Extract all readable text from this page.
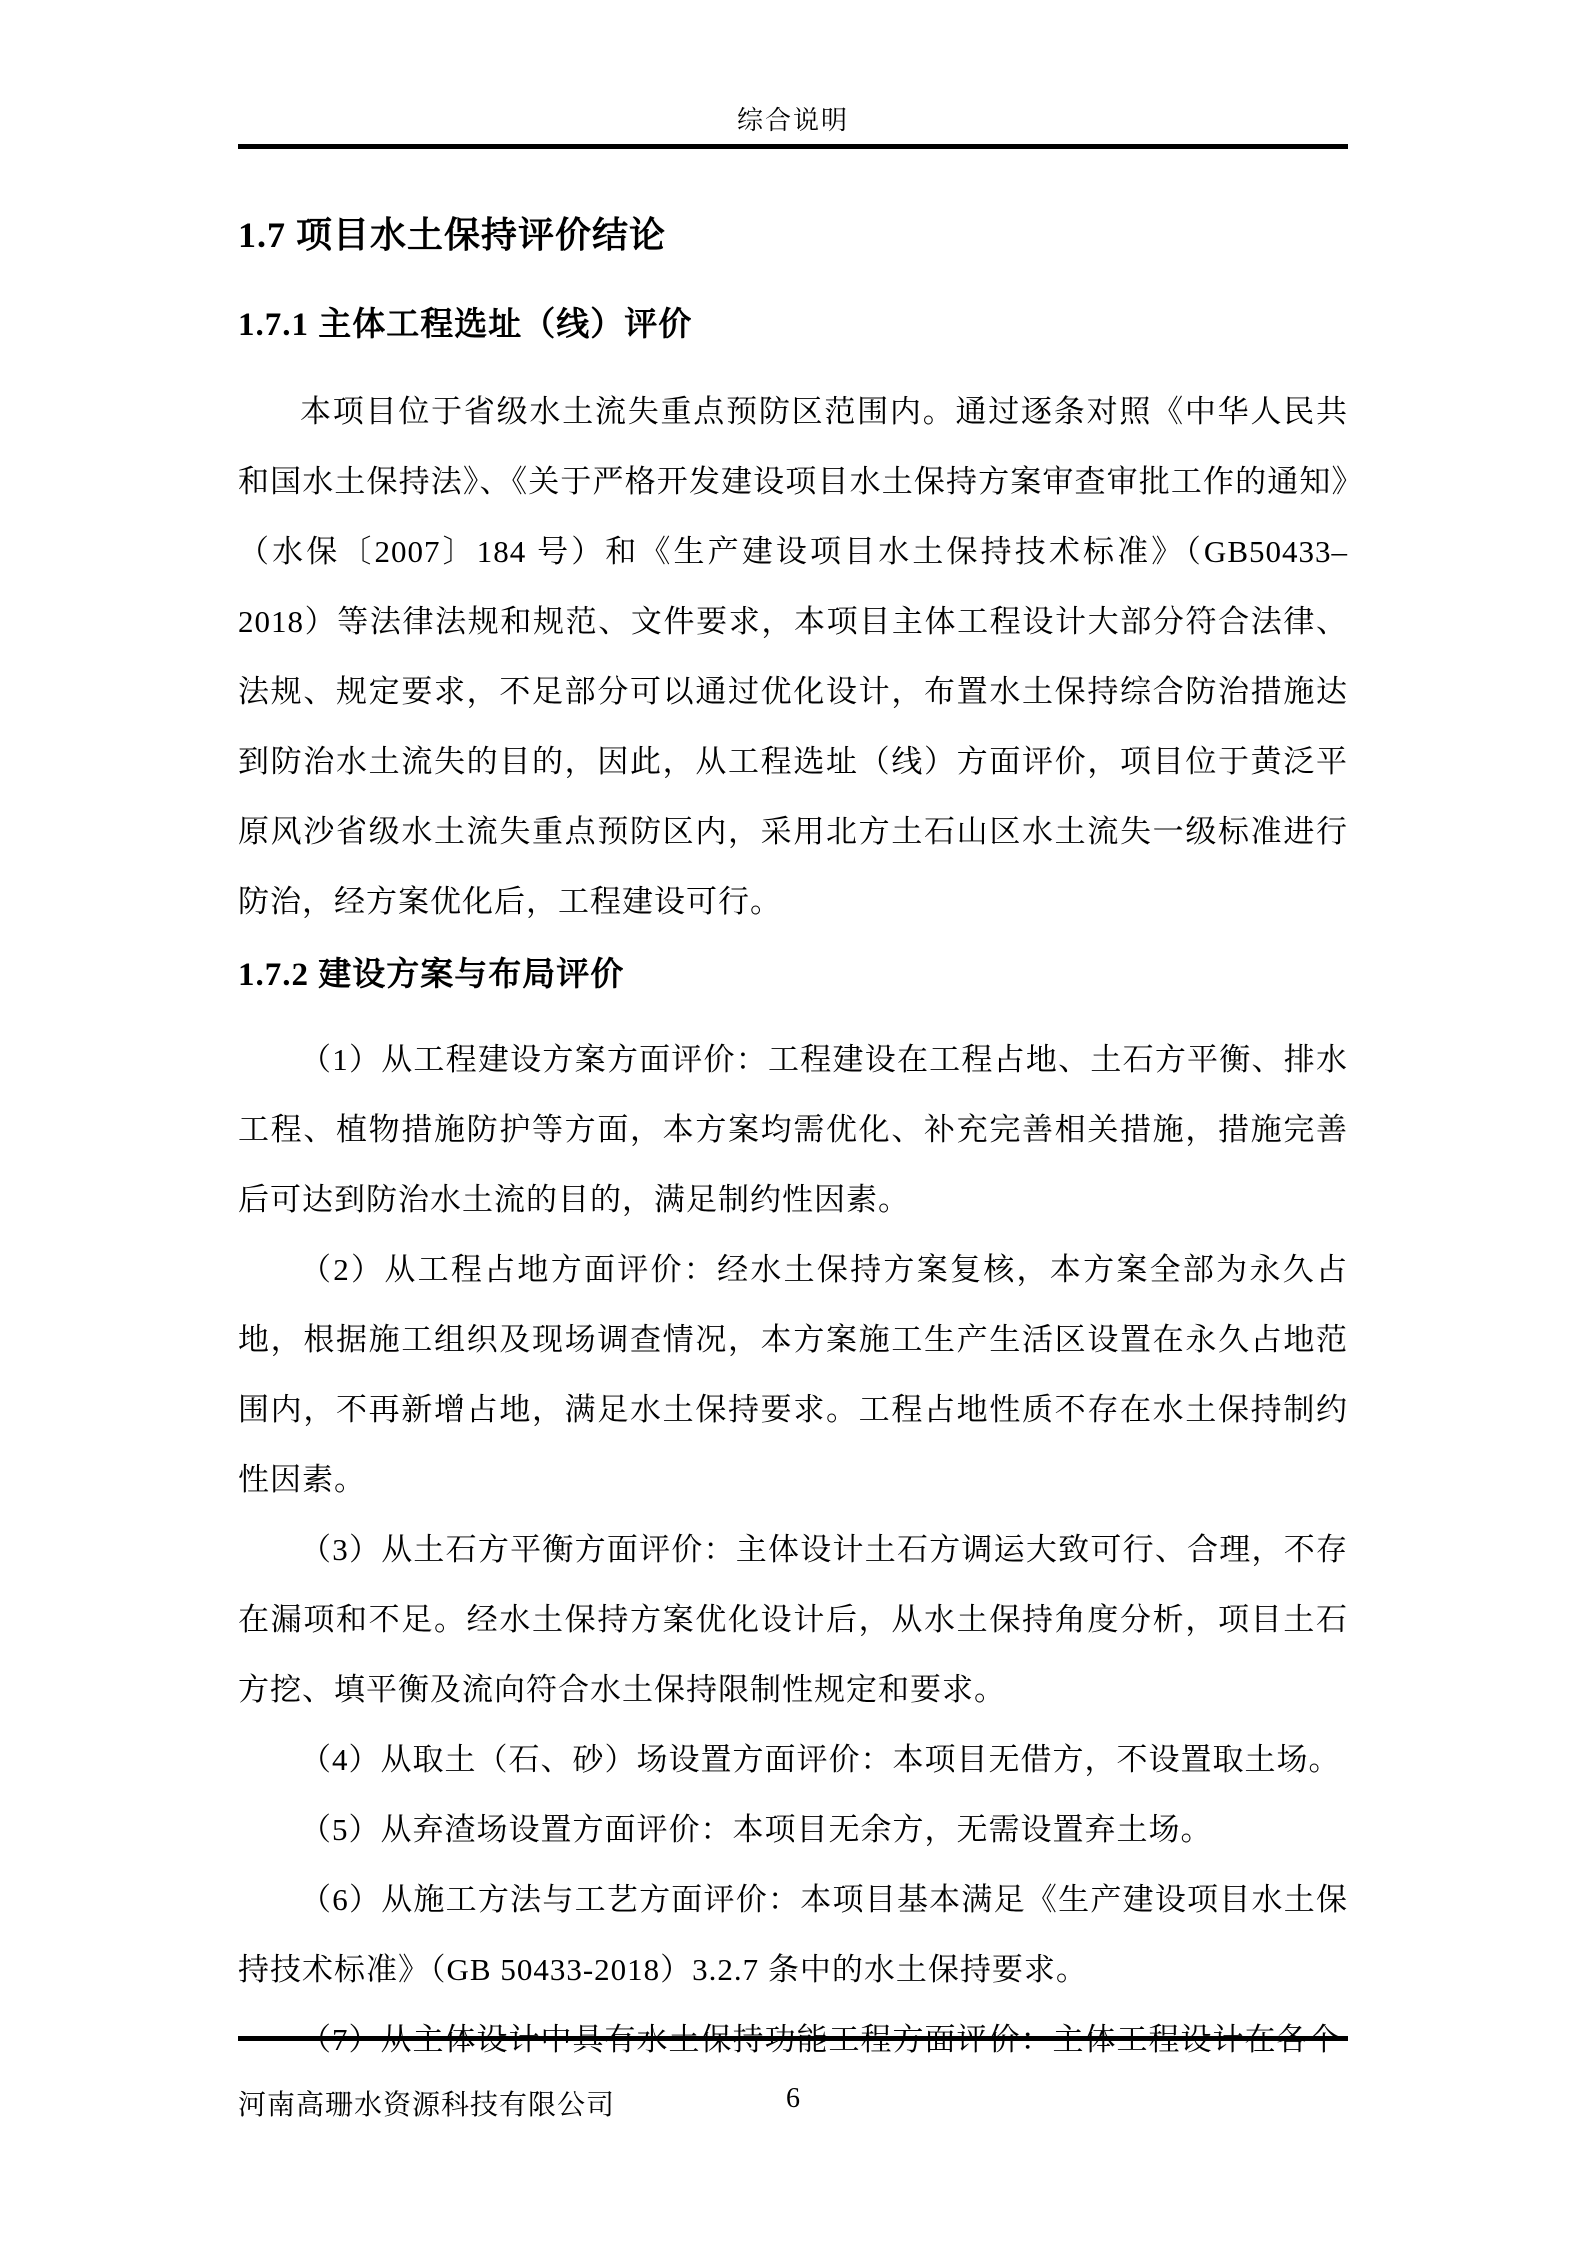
综合说明
1.7 项目水土保持评价结论
1.7.1 主体工程选址（线）评价

本项目位于省级水土流失重点预防区范围内。通过逐条对照《中华人民共和国水土保持法》、《关于严格开发建设项目水土保持方案审查审批工作的通知》（水保〔2007〕184 号）和《生产建设项目水土保持技术标准》（GB50433–2018）等法律法规和规范、文件要求，本项目主体工程设计大部分符合法律、法规、规定要求，不足部分可以通过优化设计，布置水土保持综合防治措施达到防治水土流失的目的，因此，从工程选址（线）方面评价，项目位于黄泛平原风沙省级水土流失重点预防区内，采用北方土石山区水土流失一级标准进行防治，经方案优化后，工程建设可行。

1.7.2 建设方案与布局评价

（1）从工程建设方案方面评价：工程建设在工程占地、土石方平衡、排水工程、植物措施防护等方面，本方案均需优化、补充完善相关措施，措施完善后可达到防治水土流的目的，满足制约性因素。

（2）从工程占地方面评价：经水土保持方案复核，本方案全部为永久占地，根据施工组织及现场调查情况，本方案施工生产生活区设置在永久占地范围内，不再新增占地，满足水土保持要求。工程占地性质不存在水土保持制约性因素。

（3）从土石方平衡方面评价：主体设计土石方调运大致可行、合理，不存在漏项和不足。经水土保持方案优化设计后，从水土保持角度分析，项目土石方挖、填平衡及流向符合水土保持限制性规定和要求。

（4）从取土（石、砂）场设置方面评价：本项目无借方，不设置取土场。

（5）从弃渣场设置方面评价：本项目无余方，无需设置弃土场。

（6）从施工方法与工艺方面评价：本项目基本满足《生产建设项目水土保持技术标准》（GB 50433-2018）3.2.7 条中的水土保持要求。

（7）从主体设计中具有水土保持功能工程方面评价：主体工程设计在各个

河南高珊水资源科技有限公司	6
